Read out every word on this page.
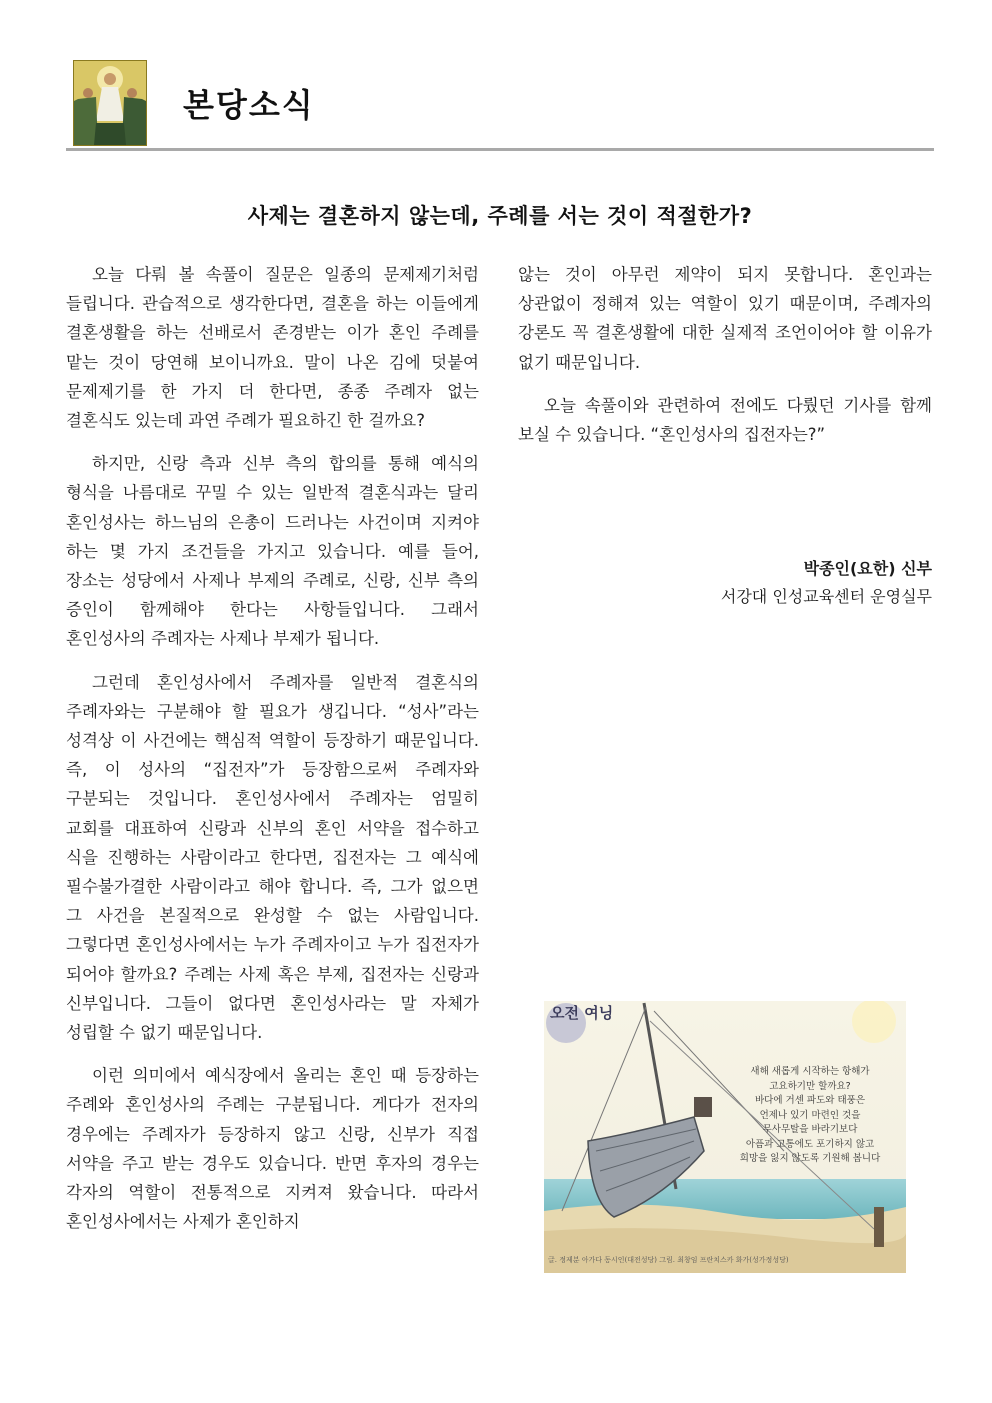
본당소식
사제는 결혼하지 않는데, 주례를 서는 것이 적절한가?

오늘 다뤄 볼 속풀이 질문은 일종의 문제제기처럼 들립니다. 관습적으로 생각한다면, 결혼을 하는 이들에게 결혼생활을 하는 선배로서 존경받는 이가 혼인 주례를 맡는 것이 당연해 보이니까요. 말이 나온 김에 덧붙여 문제제기를 한 가지 더 한다면, 종종 주례자 없는 결혼식도 있는데 과연 주례가 필요하긴 한 걸까요?

하지만, 신랑 측과 신부 측의 합의를 통해 예식의 형식을 나름대로 꾸밀 수 있는 일반적 결혼식과는 달리 혼인성사는 하느님의 은총이 드러나는 사건이며 지켜야 하는 몇 가지 조건들을 가지고 있습니다. 예를 들어, 장소는 성당에서 사제나 부제의 주례로, 신랑, 신부 측의 증인이 함께해야 한다는 사항들입니다. 그래서 혼인성사의 주례자는 사제나 부제가 됩니다.

그런데 혼인성사에서 주례자를 일반적 결혼식의 주례자와는 구분해야 할 필요가 생깁니다. “성사”라는 성격상 이 사건에는 핵심적 역할이 등장하기 때문입니다. 즉, 이 성사의 “집전자”가 등장함으로써 주례자와 구분되는 것입니다. 혼인성사에서 주례자는 엄밀히 교회를 대표하여 신랑과 신부의 혼인 서약을 접수하고 식을 진행하는 사람이라고 한다면, 집전자는 그 예식에 필수불가결한 사람이라고 해야 합니다. 즉, 그가 없으면 그 사건을 본질적으로 완성할 수 없는 사람입니다. 그렇다면 혼인성사에서는 누가 주례자이고 누가 집전자가 되어야 할까요? 주례는 사제 혹은 부제, 집전자는 신랑과 신부입니다. 그들이 없다면 혼인성사라는 말 자체가 성립할 수 없기 때문입니다.

이런 의미에서 예식장에서 올리는 혼인 때 등장하는 주례와 혼인성사의 주례는 구분됩니다. 게다가 전자의 경우에는 주례자가 등장하지 않고 신랑, 신부가 직접 서약을 주고 받는 경우도 있습니다. 반면 후자의 경우는 각자의 역할이 전통적으로 지켜져 왔습니다. 따라서 혼인성사에서는 사제가 혼인하지

않는 것이 아무런 제약이 되지 못합니다. 혼인과는 상관없이 정해져 있는 역할이 있기 때문이며, 주례자의 강론도 꼭 결혼생활에 대한 실제적 조언이어야 할 이유가 없기 때문입니다.

오늘 속풀이와 관련하여 전에도 다뤘던 기사를 함께 보실 수 있습니다. “혼인성사의 집전자는?”

박종인(요한) 신부
서강대 인성교육센터 운영실무
오전 여닝
새해 새롭게 시작하는 항해가
고요하기만 할까요?
바다에 거센 파도와 태풍은
언제나 있기 마련인 것을
무사무탈을 바라기보다
아픔과 고통에도 포기하지 않고
희망을 잃지 않도록 기원해 봅니다
글. 정제분 아가다 동시인(대전성당) 그림. 최창임 프란치스카 화가(성가정성당)
